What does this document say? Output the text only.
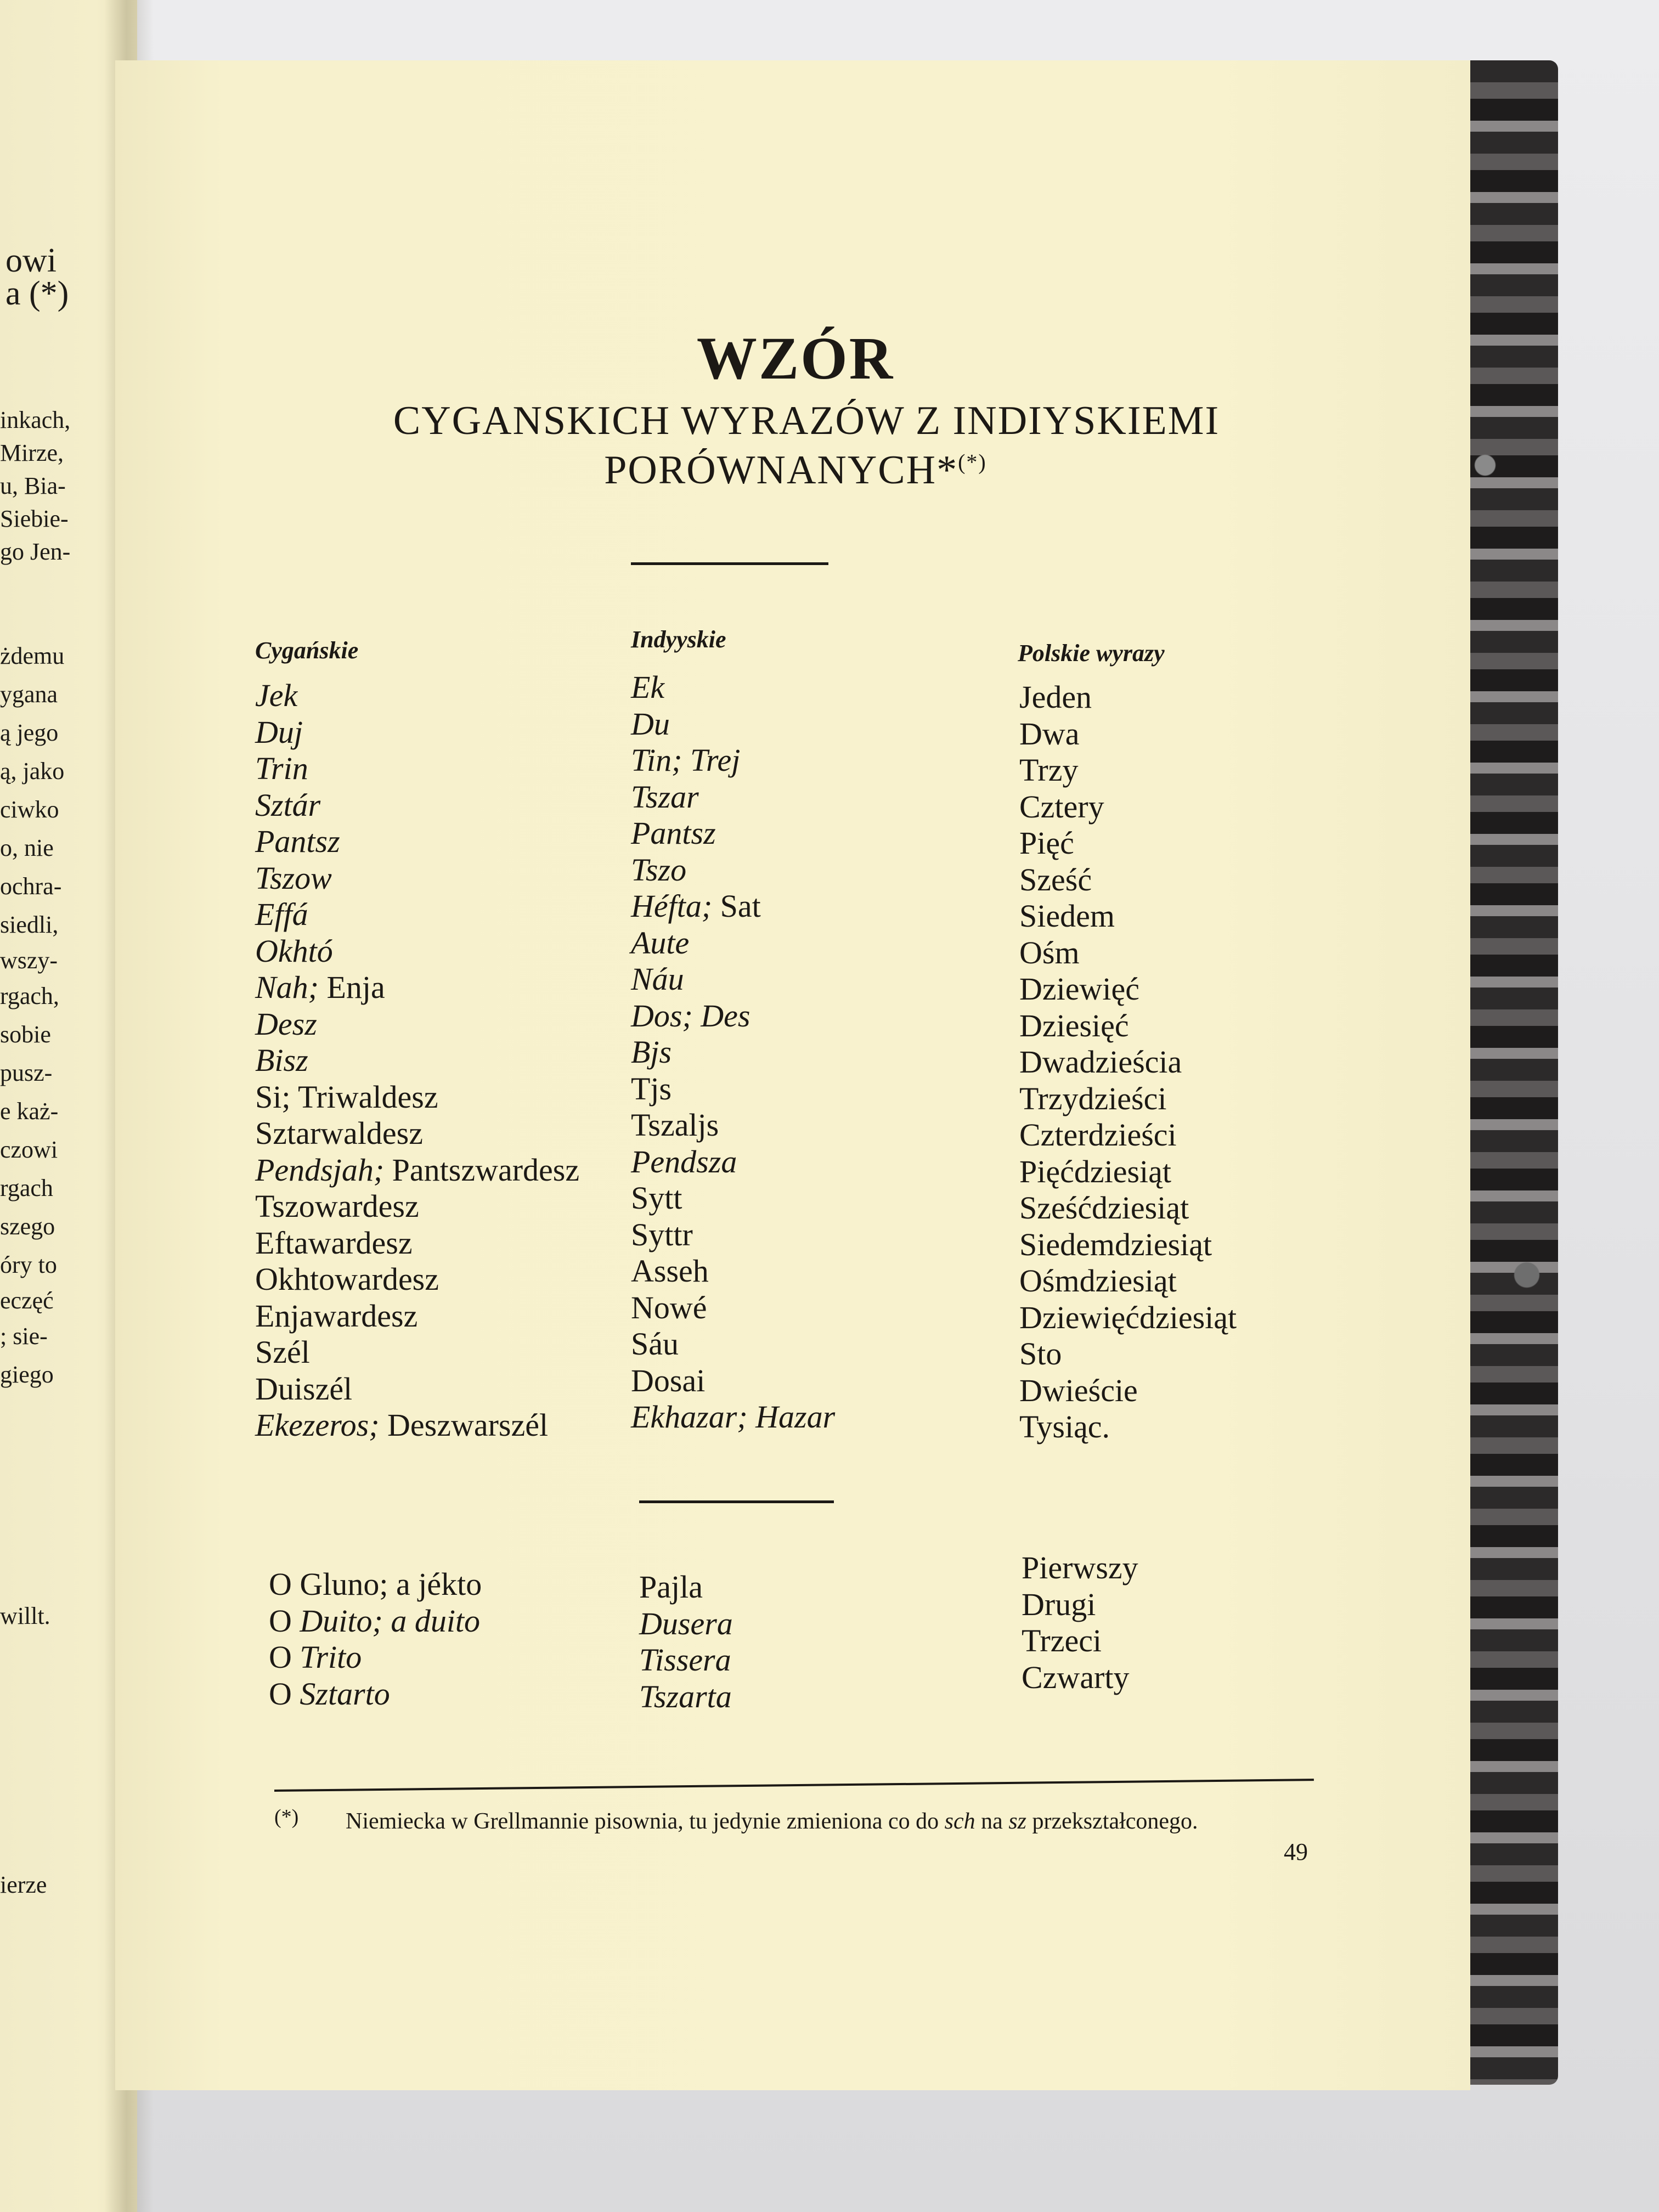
owi
a (*)
inkach,
Mirze,
u, Bia-
Siebie-
go Jen-
żdemu
ygana
ą jego
ą, jako
ciwko
o, nie
ochra-
siedli,
wszy-
rgach,
sobie
pusz-
e każ-
czowi
rgach
szego
óry to
eczęć
; sie-
giego
willt.
ierze
WZÓR
CYGANSKICH WYRAZÓW Z INDIYSKIEMI
PORÓWNANYCH*(*)
Cygańskie	Indyyskie
Polskie wyrazy
Jek
Duj
Trin
Sztár
Pantsz
Tszow
Effá
Okhtó
Nah; Enja
Desz
Bisz
Si; Triwaldesz
Sztarwaldesz
Pendsjah; Pantszwardesz
Tszowardesz
Eftawardesz
Okhtowardesz
Enjawardesz
Szél
Duiszél
Ekezeros; Deszwarszél
Ek
Du
Tin; Trej
Tszar
Pantsz
Tszo
Héfta; Sat
Aute
Náu
Dos; Des
Bjs
Tjs
Tszaljs
Pendsza
Sytt
Syttr
Asseh
Nowé
Sáu
Dosai
Ekhazar; Hazar
Jeden
Dwa
Trzy
Cztery
Pięć
Sześć
Siedem
Ośm
Dziewięć
Dziesięć
Dwadzieścia
Trzydzieści
Czterdzieści
Pięćdziesiąt
Sześćdziesiąt
Siedemdziesiąt
Ośmdziesiąt
Dziewięćdziesiąt
Sto
Dwieście
Tysiąc.
O Gluno; a jékto
O Duito; a duito
O Trito
O Sztarto
Pajla
Dusera
Tissera
Tszarta
Pierwszy
Drugi
Trzeci
Czwarty
(*) Niemiecka w Grellmannie pisownia, tu jedynie zmieniona co do sch na sz przekształconego.
49
